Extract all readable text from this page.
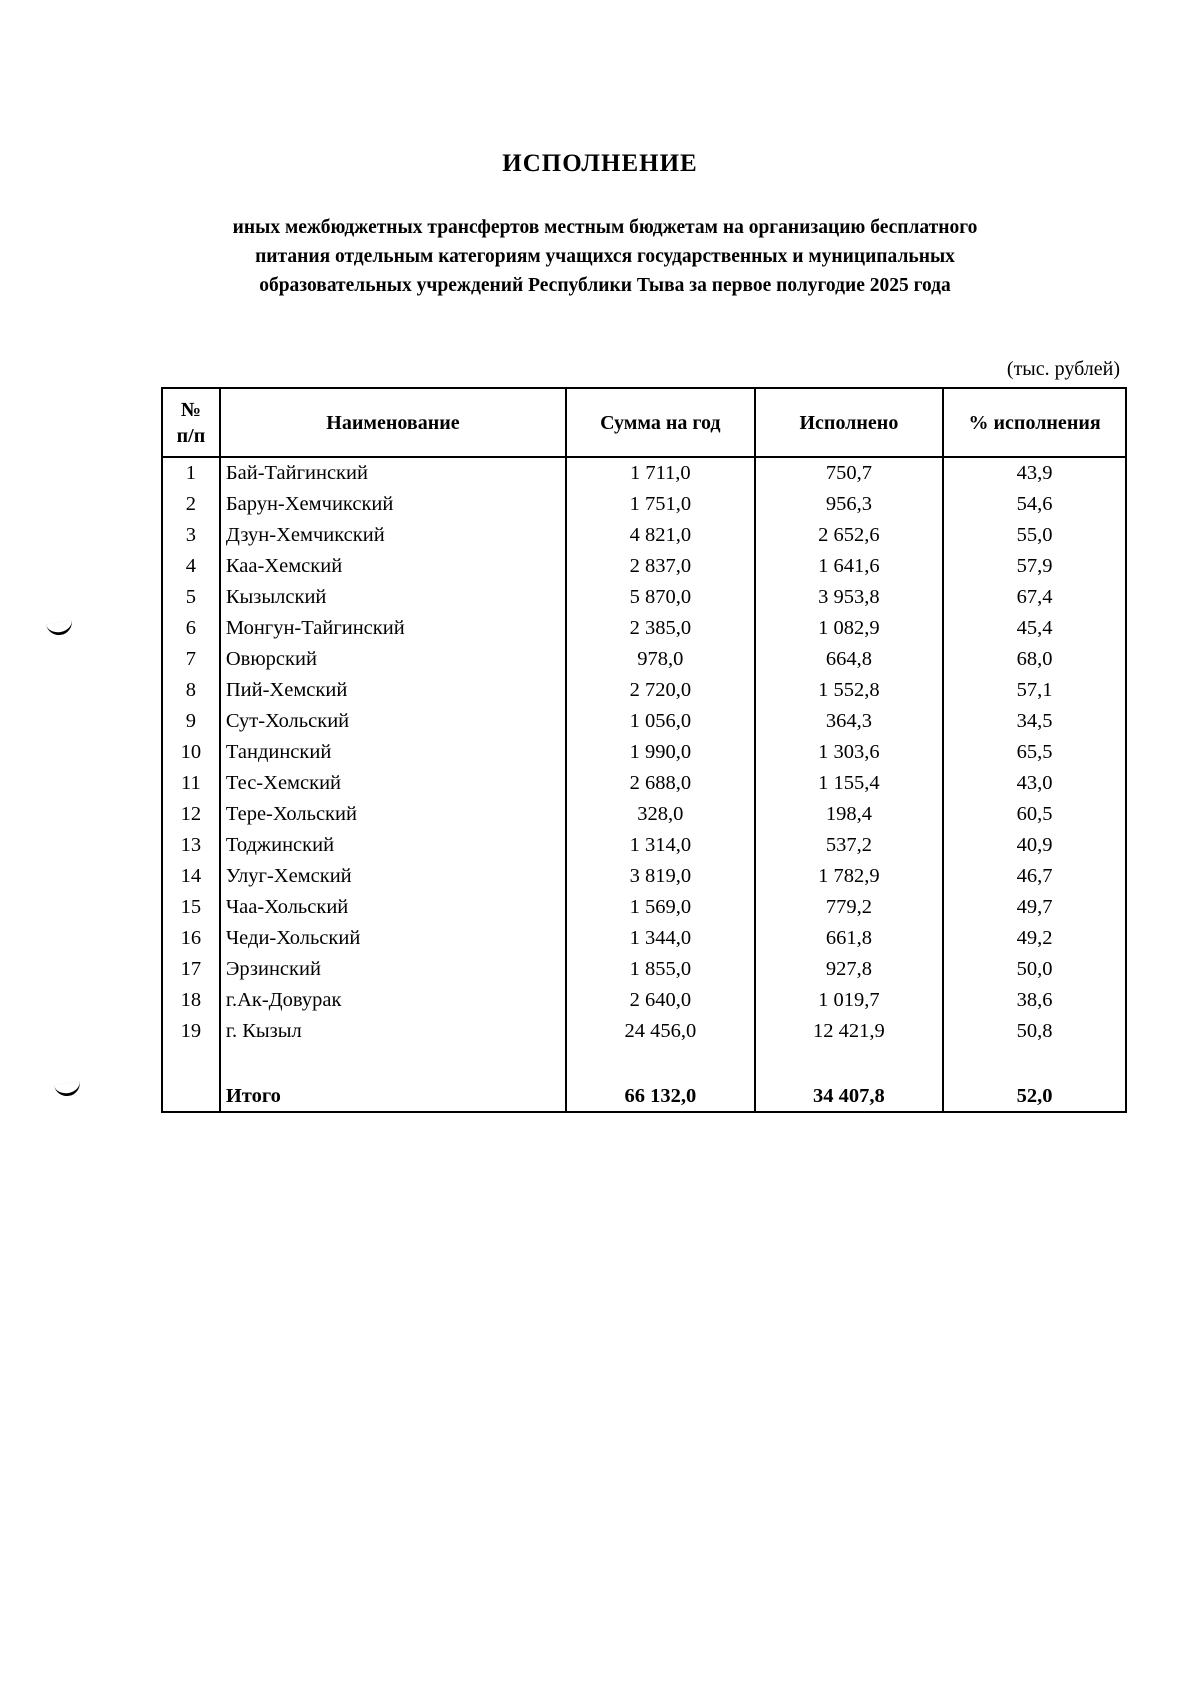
ИСПОЛНЕНИЕ
иных межбюджетных трансфертов местным бюджетам на организацию бесплатного
питания отдельным категориям учащихся государственных и муниципальных
образовательных учреждений Республики Тыва за первое полугодие 2025 года
(тыс. рублей)
№
п/п	Наименование	Сумма на год	Исполнено	% исполнения
1	Бай-Тайгинский	1 711,0	750,7	43,9
2	Барун-Хемчикский	1 751,0	956,3	54,6
3	Дзун-Хемчикский	4 821,0	2 652,6	55,0
4	Каа-Хемский	2 837,0	1 641,6	57,9
5	Кызылский	5 870,0	3 953,8	67,4
6	Монгун-Тайгинский	2 385,0	1 082,9	45,4
7	Овюрский	978,0	664,8	68,0
8	Пий-Хемский	2 720,0	1 552,8	57,1
9	Сут-Хольский	1 056,0	364,3	34,5
10	Тандинский	1 990,0	1 303,6	65,5
11	Тес-Хемский	2 688,0	1 155,4	43,0
12	Тере-Хольский	328,0	198,4	60,5
13	Тоджинский	1 314,0	537,2	40,9
14	Улуг-Хемский	3 819,0	1 782,9	46,7
15	Чаа-Хольский	1 569,0	779,2	49,7
16	Чеди-Хольский	1 344,0	661,8	49,2
17	Эрзинский	1 855,0	927,8	50,0
18	г.Ак-Довурак	2 640,0	1 019,7	38,6
19	г. Кызыл	24 456,0	12 421,9	50,8

	Итого	66 132,0	34 407,8	52,0
